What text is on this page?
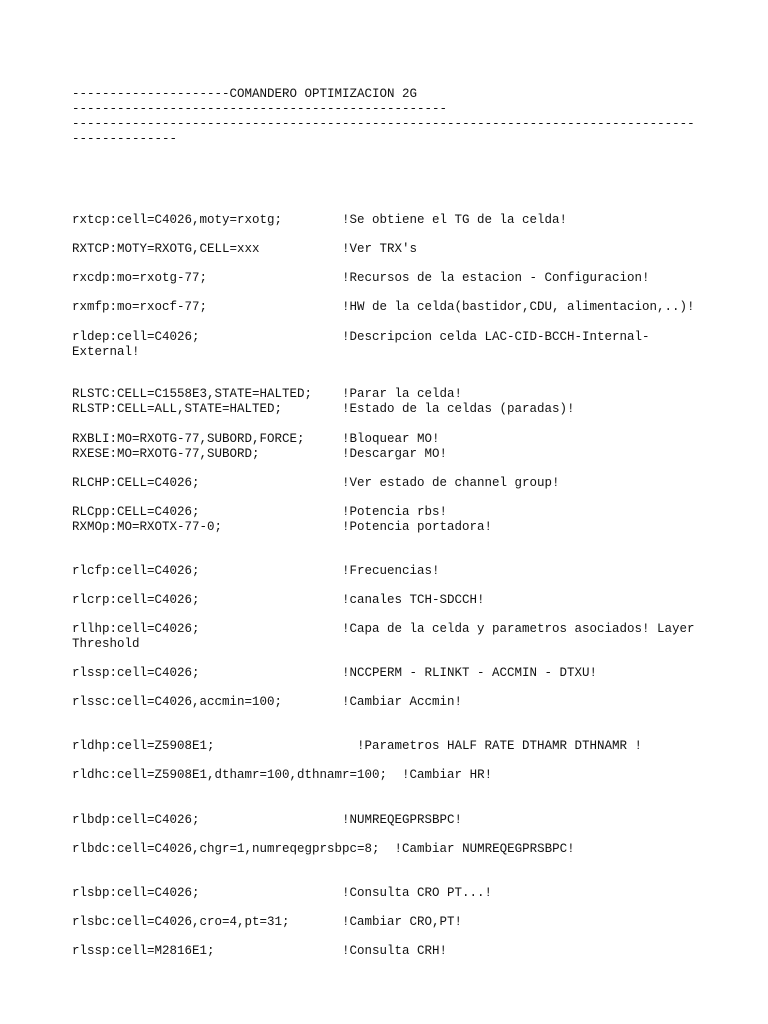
---------------------COMANDERO OPTIMIZACION 2G
--------------------------------------------------
-----------------------------------------------------------------------------------
--------------
rxtcp:cell=C4026,moty=rxotg;	!Se obtiene el TG de la celda!
RXTCP:MOTY=RXOTG,CELL=xxx	!Ver TRX's
rxcdp:mo=rxotg-77;	!Recursos de la estacion - Configuracion!
rxmfp:mo=rxocf-77;	!HW de la celda(bastidor,CDU, alimentacion,..)!
rldep:cell=C4026;	!Descripcion celda LAC-CID-BCCH-Internal-
External!
RLSTC:CELL=C1558E3,STATE=HALTED;	!Parar la celda!
RLSTP:CELL=ALL,STATE=HALTED;	!Estado de la celdas (paradas)!
RXBLI:MO=RXOTG-77,SUBORD,FORCE;	!Bloquear MO!
RXESE:MO=RXOTG-77,SUBORD;	!Descargar MO!
RLCHP:CELL=C4026;	!Ver estado de channel group!
RLCpp:CELL=C4026;	!Potencia rbs!
RXMOp:MO=RXOTX-77-0;	!Potencia portadora!
rlcfp:cell=C4026;	!Frecuencias!
rlcrp:cell=C4026;	!canales TCH-SDCCH!
rllhp:cell=C4026;	!Capa de la celda y parametros asociados! Layer
Threshold
rlssp:cell=C4026;	!NCCPERM - RLINKT - ACCMIN - DTXU!
rlssc:cell=C4026,accmin=100;	!Cambiar Accmin!
rldhp:cell=Z5908E1;	!Parametros HALF RATE DTHAMR DTHNAMR !
rldhc:cell=Z5908E1,dthamr=100,dthnamr=100;  !Cambiar HR!
rlbdp:cell=C4026;	!NUMREQEGPRSBPC!
rlbdc:cell=C4026,chgr=1,numreqegprsbpc=8;  !Cambiar NUMREQEGPRSBPC!
rlsbp:cell=C4026;	!Consulta CRO PT...!
rlsbc:cell=C4026,cro=4,pt=31;	!Cambiar CRO,PT!
rlssp:cell=M2816E1;	!Consulta CRH!
